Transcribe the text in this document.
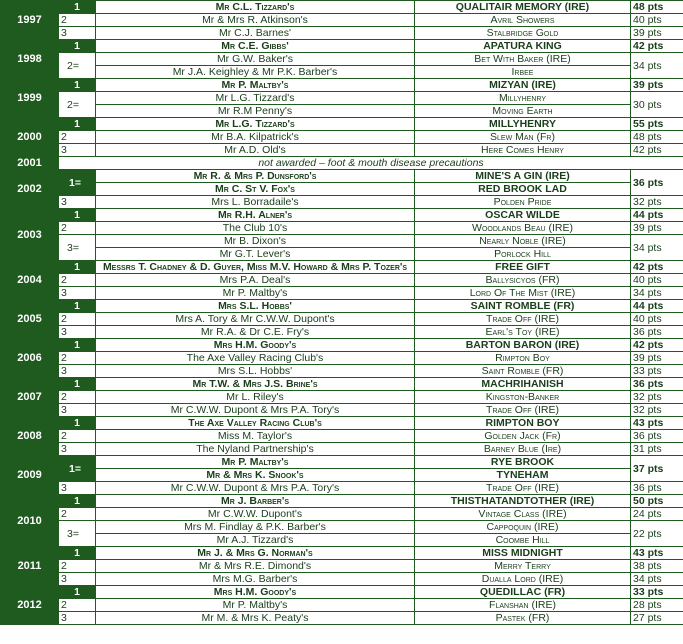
1997	1	Mr C.L. Tizzard's	QUALITAIR MEMORY (IRE)	48 pts
	2	Mr & Mrs R. Atkinson's	Avril Showers	40 pts
	3	Mr C.J. Barnes'	Stalbridge Gold	39 pts
1998	1	Mr C.E. Gibbs'	APATURA KING	42 pts
	2=	Mr G.W. Baker's	Bet With Baker (IRE)	34 pts
		Mr J.A. Keighley & Mr P.K. Barber's	Irbee	
1999	1	Mr P. Maltby's	MIZYAN (IRE)	39 pts
	2=	Mr L.G. Tizzard's	Millyhenry	30 pts
		Mr R.M Penny's	Moving Earth	
2000	1	Mr L.G. Tizzard's	MILLYHENRY	55 pts
	2	Mr B.A. Kilpatrick's	Slew Man (Fr)	48 pts
	3	Mr A.D. Old's	Here Comes Henry	42 pts
2001	not awarded – foot & mouth disease precautions			
2002	1=	Mr R. & Mrs P. Dunsford's	MINE'S A GIN (IRE)	36 pts
		Mr C. St V. Fox's	RED BROOK LAD	
	3	Mrs L. Borradaile's	Polden Pride	32 pts
2003	1	Mr R.H. Alner's	OSCAR WILDE	44 pts
	2	The Club 10's	Woodlands Beau (IRE)	39 pts
	3=	Mr B. Dixon's	Nearly Noble (IRE)	34 pts
		Mr G.T. Lever's	Porlock Hill	
2004	1	Messrs T. Chadney & D. Guyer, Miss M.V. Howard & Mrs P. Tozer's	FREE GIFT	42 pts
	2	Mrs P.A. Deal's	Ballysicyos (FR)	40 pts
	3	Mr P. Maltby's	Lord Of The Mist (IRE)	34 pts
2005	1	Mrs S.L. Hobbs'	SAINT ROMBLE (FR)	44 pts
	2	Mrs A. Tory & Mr C.W.W. Dupont's	Trade Off (IRE)	40 pts
	3	Mr R.A. & Dr C.E. Fry's	Earl's Toy (IRE)	36 pts
2006	1	Mrs H.M. Goody's	BARTON BARON (IRE)	42 pts
	2	The Axe Valley Racing Club's	Rimpton Boy	39 pts
	3	Mrs S.L. Hobbs'	Saint Romble (FR)	33 pts
2007	1	Mr T.W. & Mrs J.S. Brine's	MACHRIHANISH	36 pts
	2	Mr L. Riley's	Kingston-Banker	32 pts
	3	Mr C.W.W. Dupont & Mrs P.A. Tory's	Trade Off (IRE)	32 pts
2008	1	The Axe Valley Racing Club's	RIMPTON BOY	43 pts
	2	Miss M. Taylor's	Golden Jack (Fr)	36 pts
	3	The Nyland Partnership's	Barney Blue (Ire)	31 pts
2009	1=	Mr P. Maltby's	RYE BROOK	37 pts
		Mr & Mrs K. Snook's	TYNEHAM	
	3	Mr C.W.W. Dupont & Mrs P.A. Tory's	Trade Off (IRE)	36 pts
2010	1	Mr J. Barber's	THISTHATANDTOTHER (IRE)	50 pts
	2	Mr C.W.W. Dupont's	Vintage Class (IRE)	24 pts
	3=	Mrs M. Findlay & P.K. Barber's	Cappoquin (IRE)	22 pts
		Mr A.J. Tizzard's	Coombe Hill	
2011	1	Mr J. & Mrs G. Norman's	MISS MIDNIGHT	43 pts
	2	Mr & Mrs R.E. Dimond's	Merry Terry	38 pts
	3	Mrs M.G. Barber's	Dualla Lord (IRE)	34 pts
2012	1	Mrs H.M. Goody's	QUEDILLAC (FR)	33 pts
	2	Mr P. Maltby's	Flanshan (IRE)	28 pts
	3	Mr M. & Mrs K. Peaty's	Pastek (FR)	27 pts
